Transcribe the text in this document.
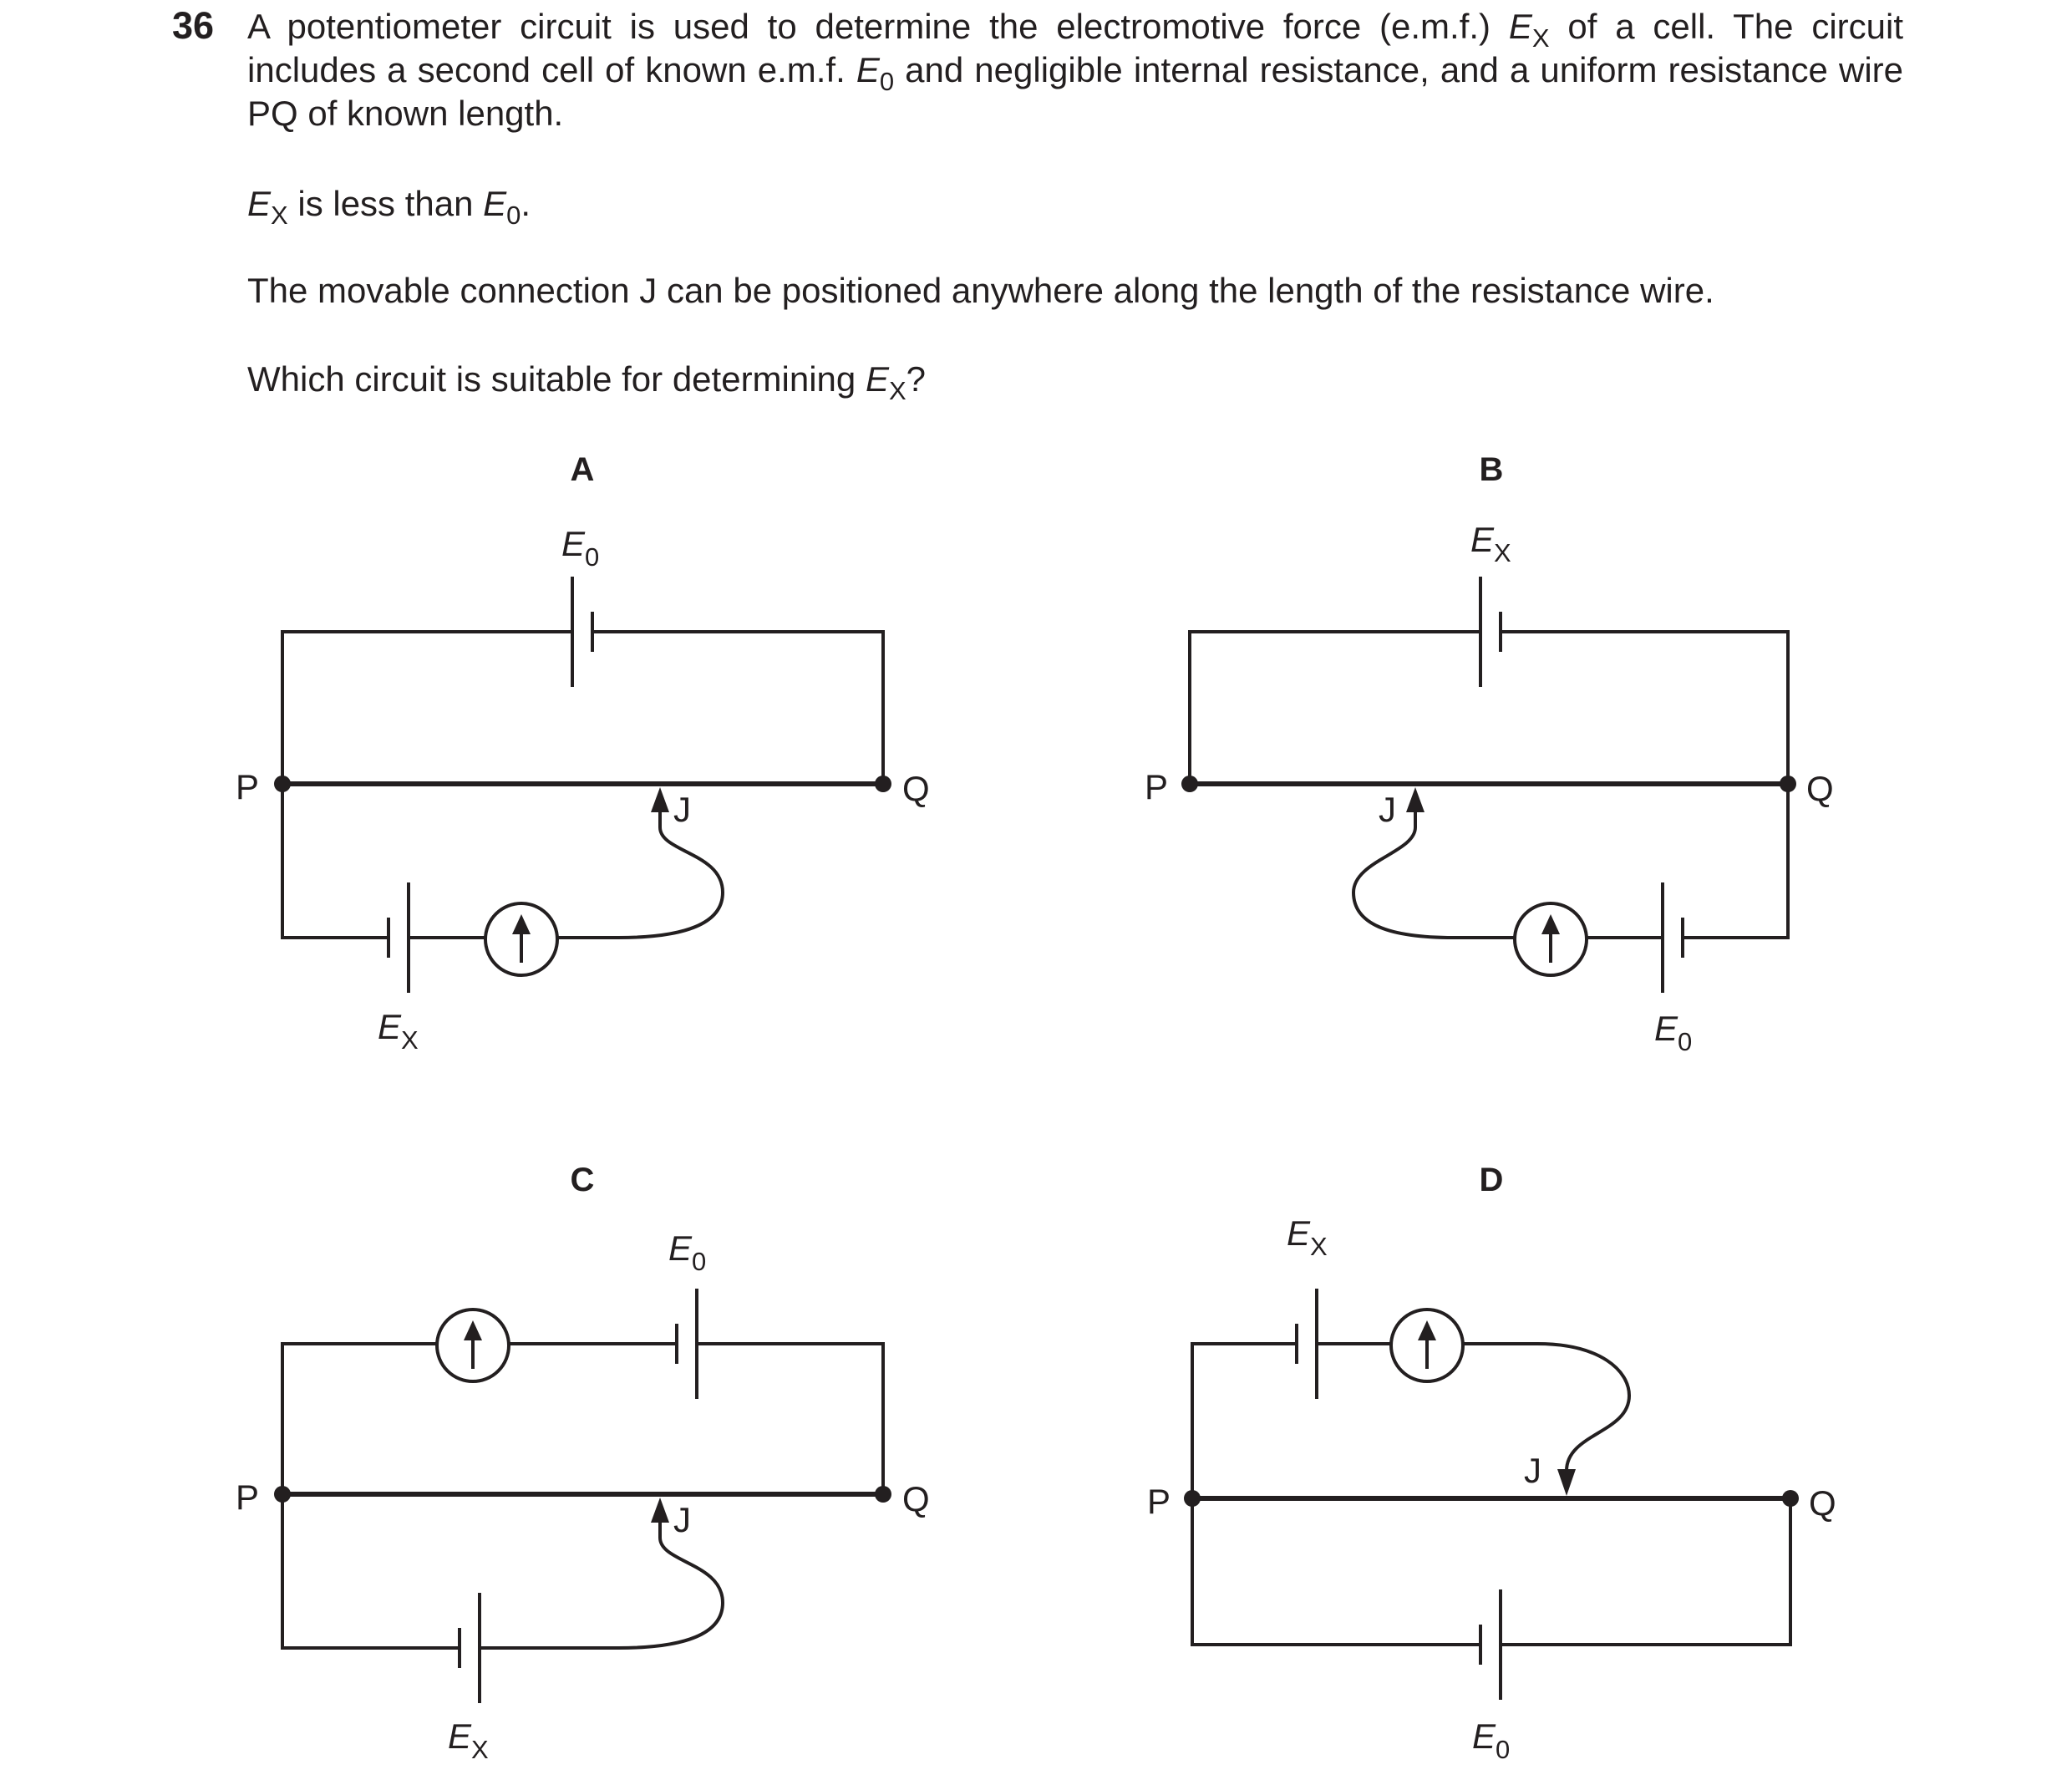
36 A potentiometer circuit is used to determine the electromotive force (e.m.f.) $E_X$ of a cell. The circuit includes a second cell of known e.m.f. $E_0$ and negligible internal resistance, and a uniform resistance wire PQ of known length.

$E_X$ is less than $E_0$.

The movable connection J can be positioned anywhere along the length of the resistance wire.

Which circuit is suitable for determining $E_X$?

A
$E_0$
P	Q
J
$E_X$
B
$E_X$
P	Q
J
$E_0$
C
$E_0$
P	Q
J
$E_X$
D
$E_X$
J
P	Q
$E_0$
